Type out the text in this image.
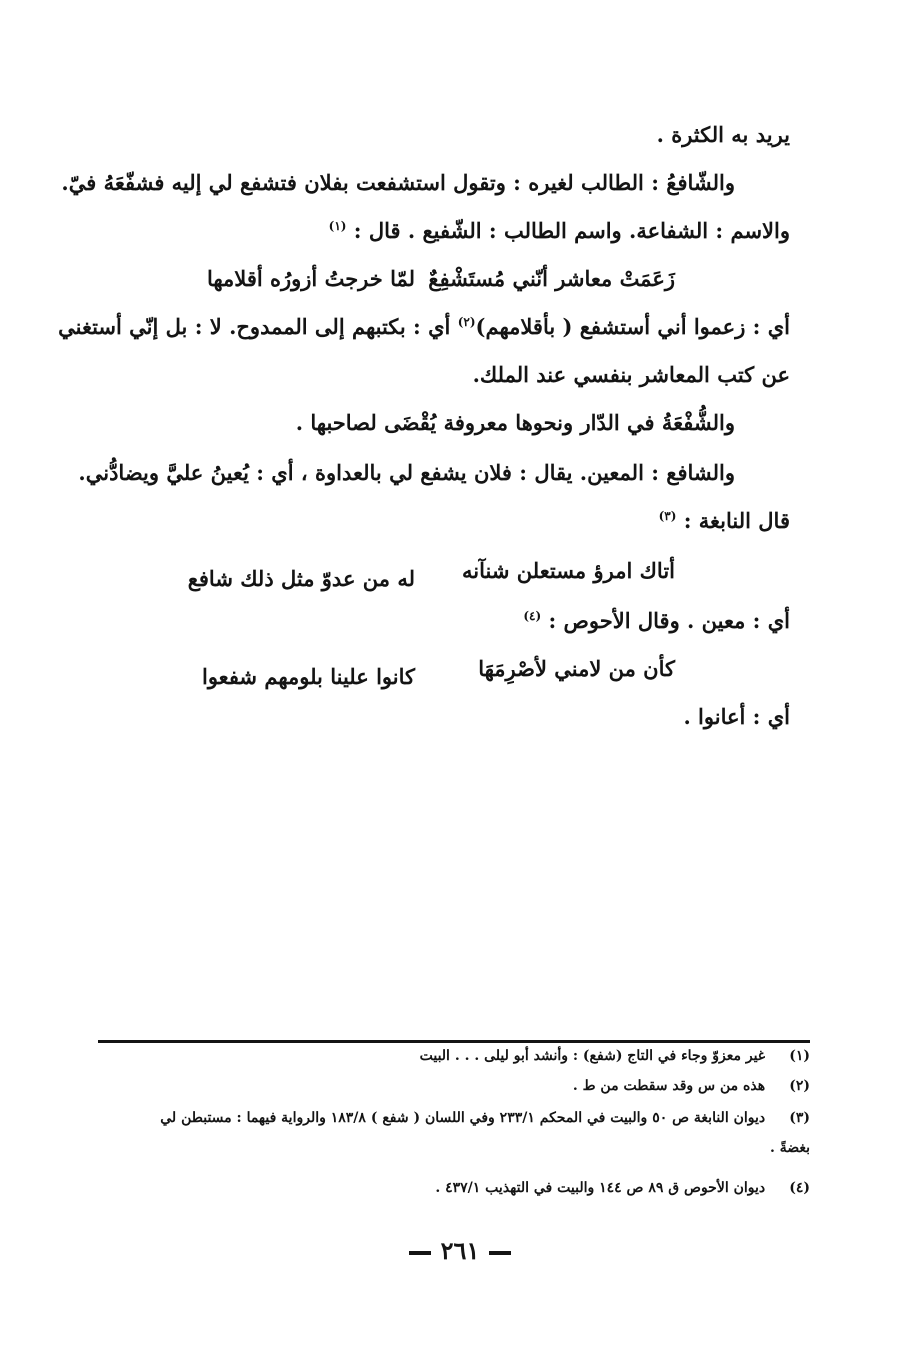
يريد به الكثرة .
والشّافعُ : الطالب لغيره : وتقول استشفعت بفلان فتشفع لي إليه فشفّعَهُ فيّ.
والاسم : الشفاعة. واسم الطالب : الشّفيع . قال : $^{(١)}$
زَعَمَتْ معاشر أنّني مُستَشْفِعٌ
لمّا خرجتُ أزورُه أقلامها
أي : زعموا أني أستشفع ( بأقلامهم)$^{(٢)}$ أي : بكتبهم إلى الممدوح. لا : بل إنّي أستغني
عن كتب المعاشر بنفسي عند الملك.
والشُّفْعَةُ في الدّار ونحوها معروفة يُقْضَى لصاحبها .
والشافع : المعين. يقال : فلان يشفع لي بالعداوة ، أي : يُعينُ عليَّ ويضادُّني.
قال النابغة : $^{(٣)}$
أتاك امرؤ مستعلن شنآنه
له من عدوّ مثل ذلك شافع
أي : معين . وقال الأحوص : $^{(٤)}$
كأن من لامني لأصْرِمَهَا
كانوا علينا بلومهم شفعوا
أي : أعانوا .
(١) غير معزوّ وجاء في التاج (شفع) : وأنشد أبو ليلى . . . البيت
(٢) هذه من س وقد سقطت من ط .
(٣) ديوان النابغة ص ٥٠ والبيت في المحكم ٢٣٣/١ وفي اللسان ( شفع ) ١٨٣/٨ والرواية فيهما : مستبطن لي
بغضةً .
(٤) ديوان الأحوص ق ٨٩ ص ١٤٤ والبيت في التهذيب ٤٣٧/١ .
٢٦١
